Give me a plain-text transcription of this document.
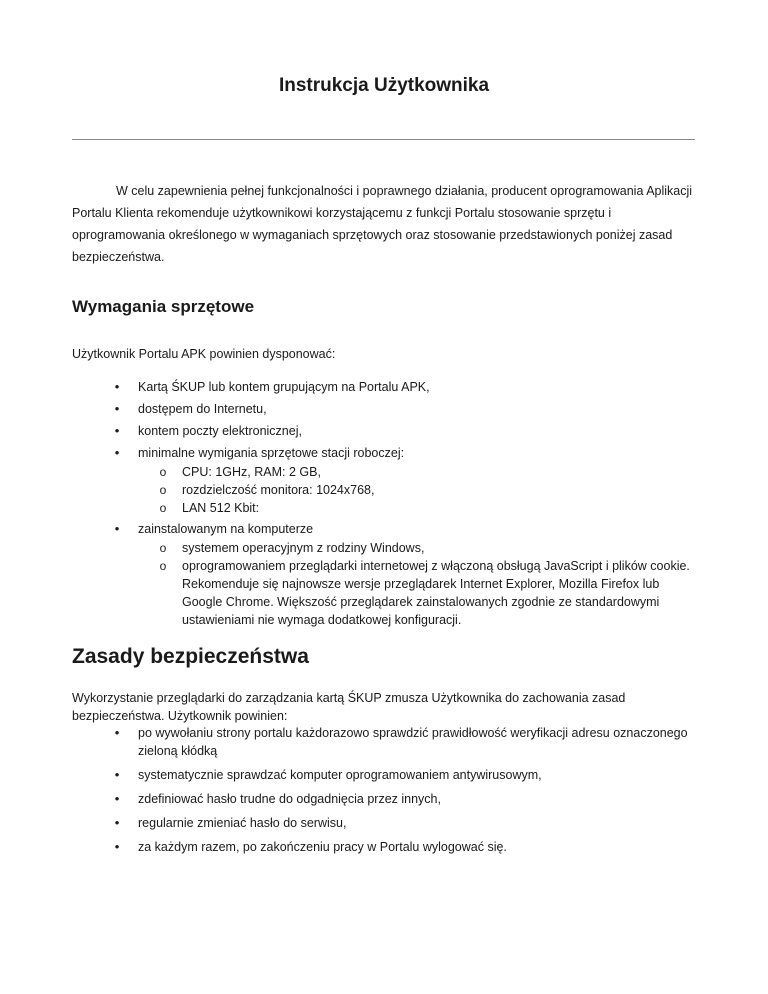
Instrukcja Użytkownika

W celu zapewnienia pełnej funkcjonalności i poprawnego działania, producent oprogramowania Aplikacji Portalu Klienta rekomenduje użytkownikowi korzystającemu z funkcji Portalu stosowanie sprzętu i oprogramowania określonego w wymaganiach sprzętowych oraz stosowanie przedstawionych poniżej zasad bezpieczeństwa.

Wymagania sprzętowe

Użytkownik Portalu APK powinien dysponować:

• Kartą ŚKUP lub kontem grupującym na Portalu APK,
• dostępem do Internetu,
• kontem poczty elektronicznej,
• minimalne wymigania sprzętowe stacji roboczej:
o CPU: 1GHz, RAM: 2 GB,
o rozdzielczość monitora: 1024x768,
o LAN 512 Kbit:
• zainstalowanym na komputerze
o systemem operacyjnym z rodziny Windows,
o oprogramowaniem przeglądarki internetowej z włączoną obsługą JavaScript i plików cookie. Rekomenduje się najnowsze wersje przeglądarek Internet Explorer, Mozilla Firefox lub Google Chrome. Większość przeglądarek zainstalowanych zgodnie ze standardowymi ustawieniami nie wymaga dodatkowej konfiguracji.
Zasady bezpieczeństwa

Wykorzystanie przeglądarki do zarządzania kartą ŚKUP zmusza Użytkownika do zachowania zasad bezpieczeństwa. Użytkownik powinien:

• po wywołaniu strony portalu każdorazowo sprawdzić prawidłowość weryfikacji adresu oznaczonego zieloną kłódką
• systematycznie sprawdzać komputer oprogramowaniem antywirusowym,
• zdefiniować hasło trudne do odgadnięcia przez innych,
• regularnie zmieniać hasło do serwisu,
• za każdym razem, po zakończeniu pracy w Portalu wylogować się.
